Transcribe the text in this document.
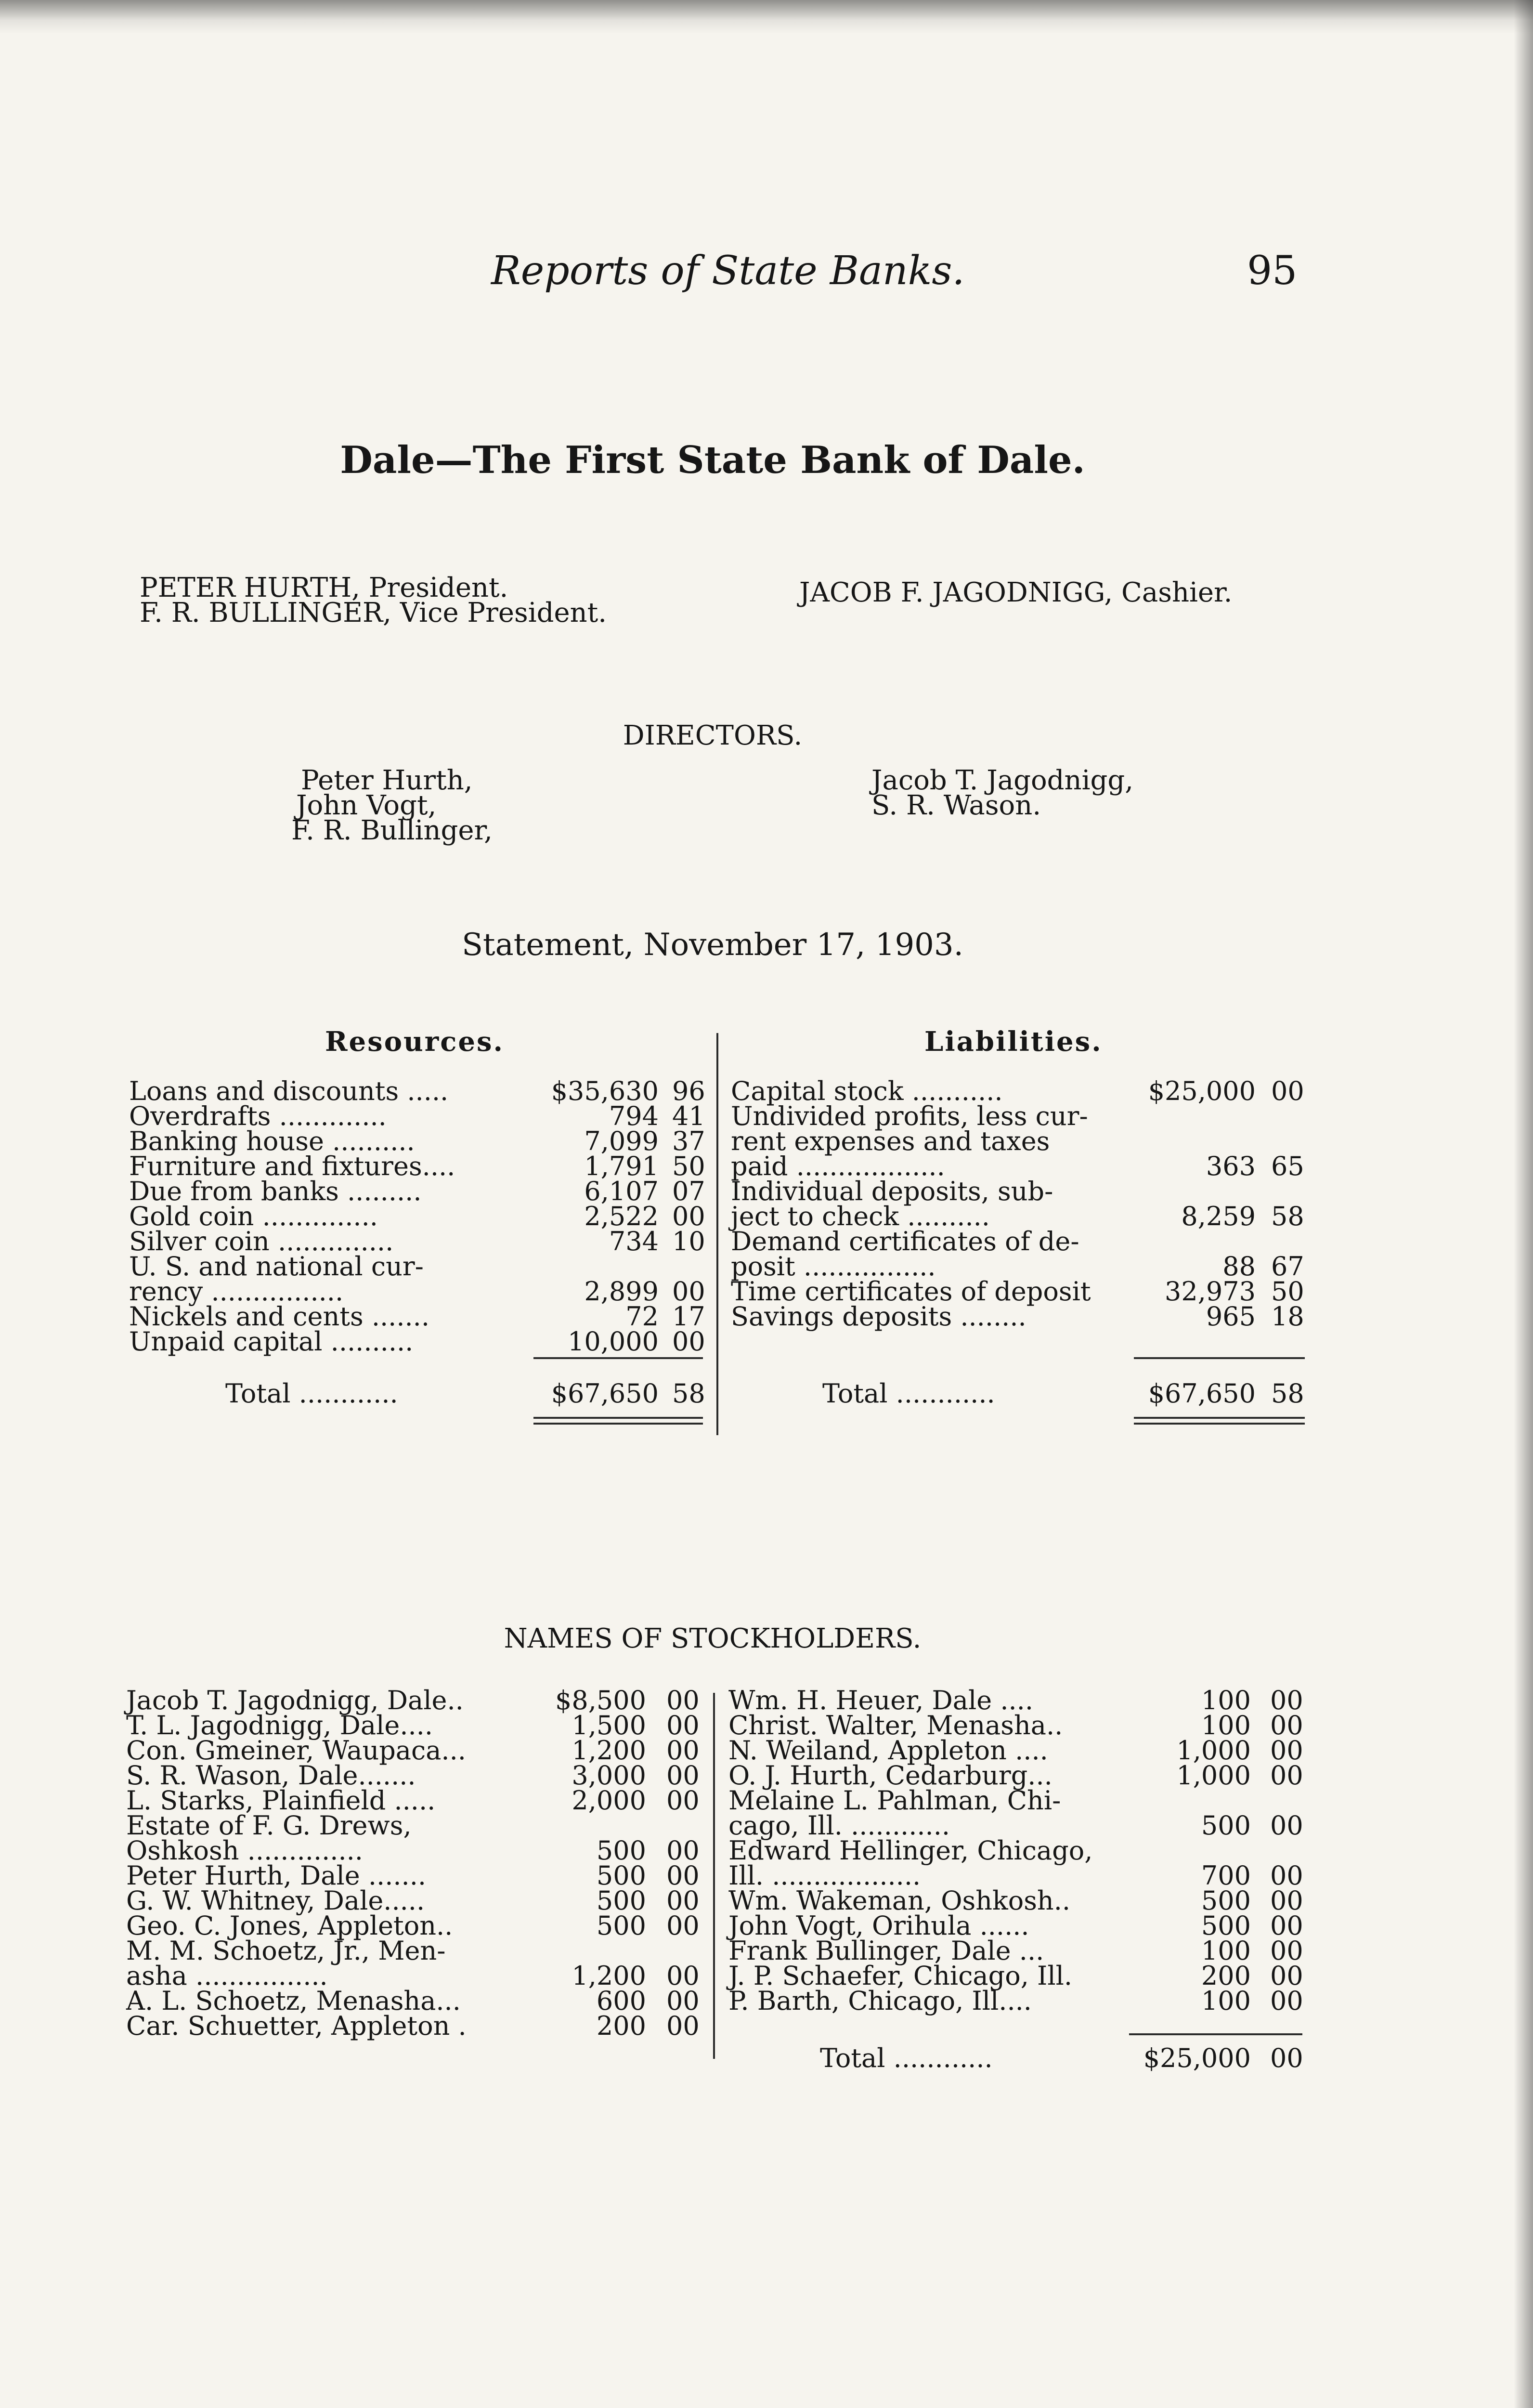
Reports of State Banks.	95
Dale—The First State Bank of Dale.
PETER HURTH, President.
F. R. BULLINGER, Vice President.
JACOB F. JAGODNIGG, Cashier.
DIRECTORS.
Peter Hurth,
John Vogt,
F. R. Bullinger,
Jacob T. Jagodnigg,
S. R. Wason.
Statement, November 17, 1903.
Resources.	Liabilities.
Loans and discounts .....	$35,630 96
Overdrafts .............	794 41
Banking house ..........	7,099 37
Furniture and fixtures....	1,791 50
Due from banks .........	6,107 07
Gold coin ..............	2,522 00
Silver coin ..............	734 10
U. S. and national cur-
rency ................	2,899 00
Nickels and cents .......	72 17
Unpaid capital ..........	10,000 00
Total ............	$67,650 58
Capital stock ...........	$25,000 00
Undivided profits, less cur-
rent expenses and taxes
paid ..................	363 65
Individual deposits, sub-
ject to check ..........	8,259 58
Demand certificates of de-
posit ................	88 67
Time certificates of deposit	32,973 50
Savings deposits ........	965 18
Total ............	$67,650 58
NAMES OF STOCKHOLDERS.
Jacob T. Jagodnigg, Dale..	$8,500 00
T. L. Jagodnigg, Dale....	1,500 00
Con. Gmeiner, Waupaca...	1,200 00
S. R. Wason, Dale.......	3,000 00
L. Starks, Plainfield .....	2,000 00
Estate of F. G. Drews,
Oshkosh ..............	500 00
Peter Hurth, Dale .......	500 00
G. W. Whitney, Dale.....	500 00
Geo. C. Jones, Appleton..	500 00
M. M. Schoetz, Jr., Men-
asha ................	1,200 00
A. L. Schoetz, Menasha...	600 00
Car. Schuetter, Appleton .	200 00
Wm. H. Heuer, Dale ....	100 00
Christ. Walter, Menasha..	100 00
N. Weiland, Appleton ....	1,000 00
O. J. Hurth, Cedarburg...	1,000 00
Melaine L. Pahlman, Chi-
cago, Ill. ............	500 00
Edward Hellinger, Chicago,
Ill. ..................	700 00
Wm. Wakeman, Oshkosh..	500 00
John Vogt, Orihula ......	500 00
Frank Bullinger, Dale ...	100 00
J. P. Schaefer, Chicago, Ill.	200 00
P. Barth, Chicago, Ill....	100 00
Total ............	$25,000 00
